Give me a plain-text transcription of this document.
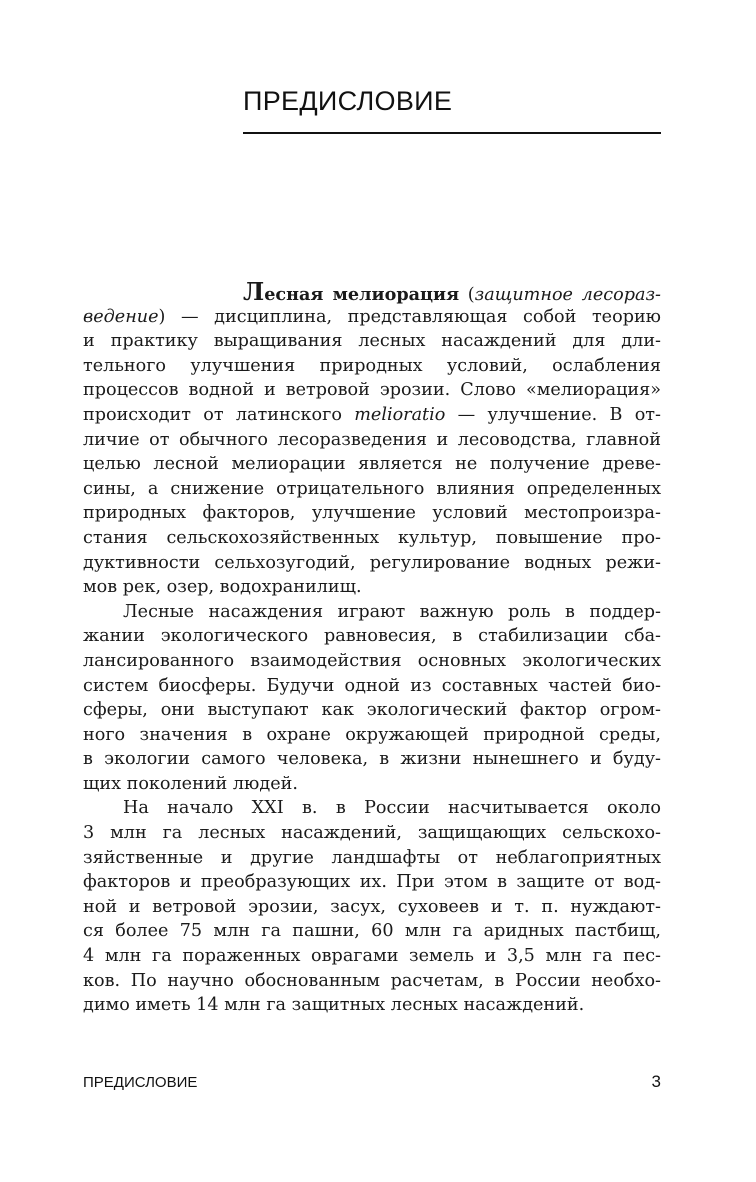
ПРЕДИСЛОВИЕ
Лесная мелиорация (защитное лесораз-
ведение) — дисциплина, представляющая собой теорию
и практику выращивания лесных насаждений для дли-
тельного улучшения природных условий, ослабления
процессов водной и ветровой эрозии. Слово «мелиорация»
происходит от латинского melioratio — улучшение. В от-
личие от обычного лесоразведения и лесоводства, главной
целью лесной мелиорации является не получение древе-
сины, а снижение отрицательного влияния определенных
природных факторов, улучшение условий местопроизра-
стания сельскохозяйственных культур, повышение про-
дуктивности сельхозугодий, регулирование водных режи-
мов рек, озер, водохранилищ.
Лесные насаждения играют важную роль в поддер-
жании экологического равновесия, в стабилизации сба-
лансированного взаимодействия основных экологических
систем биосферы. Будучи одной из составных частей био-
сферы, они выступают как экологический фактор огром-
ного значения в охране окружающей природной среды,
в экологии самого человека, в жизни нынешнего и буду-
щих поколений людей.
На начало XXI в. в России насчитывается около
3 млн га лесных насаждений, защищающих сельскохо-
зяйственные и другие ландшафты от неблагоприятных
факторов и преобразующих их. При этом в защите от вод-
ной и ветровой эрозии, засух, суховеев и т. п. нуждают-
ся более 75 млн га пашни, 60 млн га аридных пастбищ,
4 млн га пораженных оврагами земель и 3,5 млн га пес-
ков. По научно обоснованным расчетам, в России необхо-
димо иметь 14 млн га защитных лесных насаждений.
ПРЕДИСЛОВИЕ	3
